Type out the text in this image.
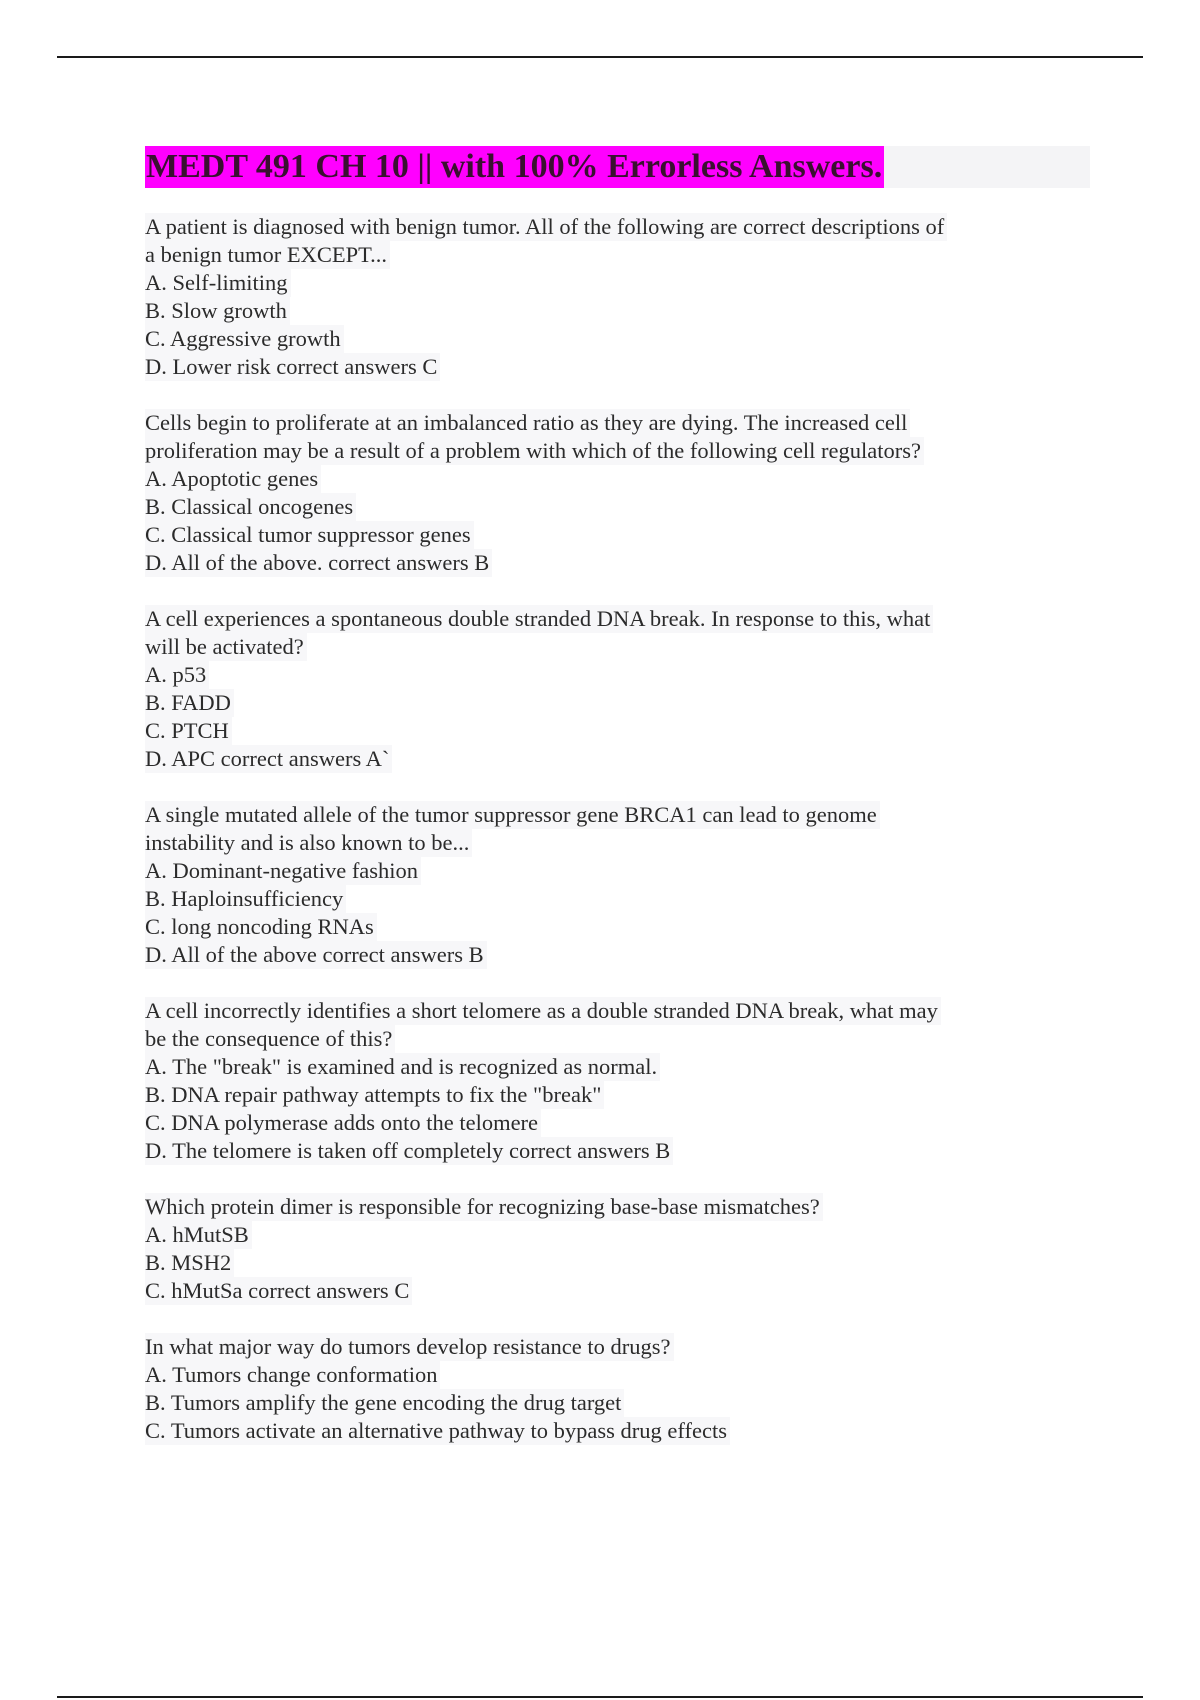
MEDT 491 CH 10 || with 100% Errorless Answers.
A patient is diagnosed with benign tumor. All of the following are correct descriptions of
a benign tumor EXCEPT...
A. Self-limiting
B. Slow growth
C. Aggressive growth
D. Lower risk correct answers C
Cells begin to proliferate at an imbalanced ratio as they are dying. The increased cell
proliferation may be a result of a problem with which of the following cell regulators?
A. Apoptotic genes
B. Classical oncogenes
C. Classical tumor suppressor genes
D. All of the above. correct answers B
A cell experiences a spontaneous double stranded DNA break. In response to this, what
will be activated?
A. p53
B. FADD
C. PTCH
D. APC correct answers A`
A single mutated allele of the tumor suppressor gene BRCA1 can lead to genome
instability and is also known to be...
A. Dominant-negative fashion
B. Haploinsufficiency
C. long noncoding RNAs
D. All of the above correct answers B
A cell incorrectly identifies a short telomere as a double stranded DNA break, what may
be the consequence of this?
A. The "break" is examined and is recognized as normal.
B. DNA repair pathway attempts to fix the "break"
C. DNA polymerase adds onto the telomere
D. The telomere is taken off completely correct answers B
Which protein dimer is responsible for recognizing base-base mismatches?
A. hMutSB
B. MSH2
C. hMutSa correct answers C
In what major way do tumors develop resistance to drugs?
A. Tumors change conformation
B. Tumors amplify the gene encoding the drug target
C. Tumors activate an alternative pathway to bypass drug effects
